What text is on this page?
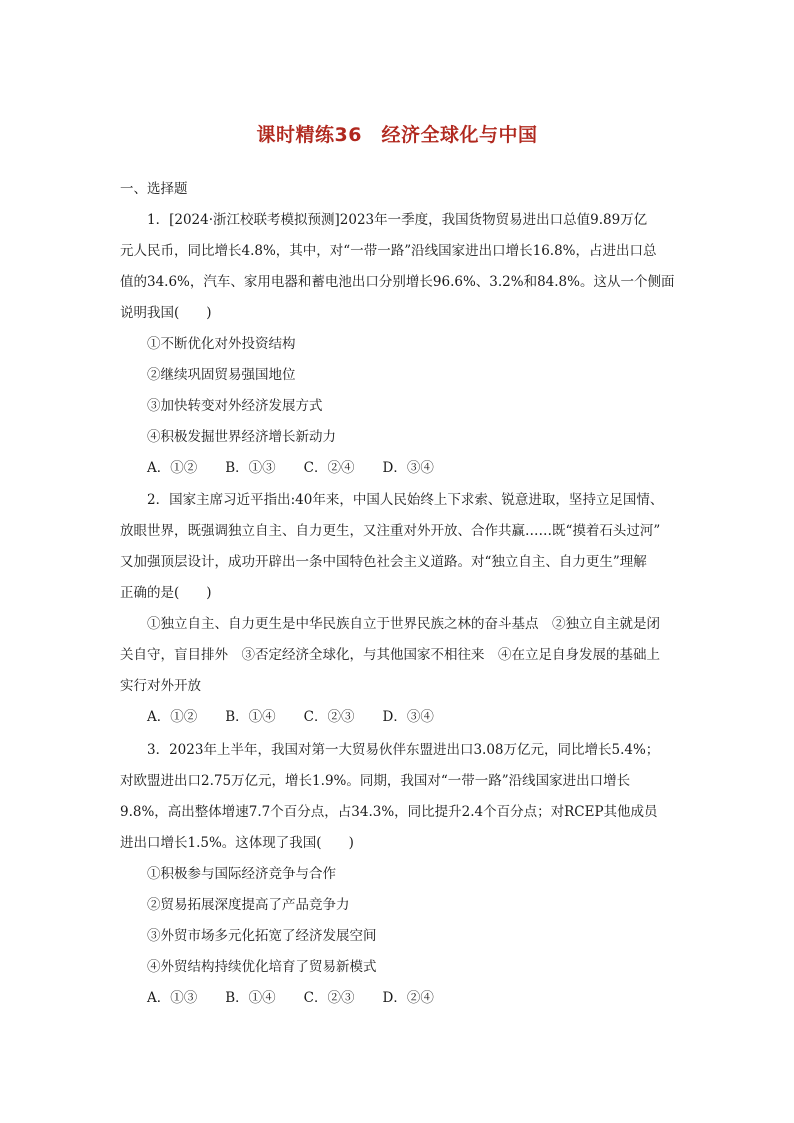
课时精练36　经济全球化与中国
一、选择题
1．[2024·浙江校联考模拟预测]2023年一季度，我国货物贸易进出口总值9.89万亿
元人民币，同比增长4.8%，其中，对“一带一路”沿线国家进出口增长16.8%，占进出口总
值的34.6%，汽车、家用电器和蓄电池出口分别增长96.6%、3.2%和84.8%。这从一个侧面
说明我国(　　)
①不断优化对外投资结构
②继续巩固贸易强国地位
③加快转变对外经济发展方式
④积极发掘世界经济增长新动力
A．①② B．①③ C．②④ D．③④
2．国家主席习近平指出:40年来，中国人民始终上下求索、锐意进取，坚持立足国情、
放眼世界，既强调独立自主、自力更生，又注重对外开放、合作共赢……既“摸着石头过河”
又加强顶层设计，成功开辟出一条中国特色社会主义道路。对“独立自主、自力更生”理解
正确的是(　　)
①独立自主、自力更生是中华民族自立于世界民族之林的奋斗基点　②独立自主就是闭
关自守，盲目排外　③否定经济全球化，与其他国家不相往来　④在立足自身发展的基础上
实行对外开放
A．①② B．①④ C．②③ D．③④
3．2023年上半年，我国对第一大贸易伙伴东盟进出口3.08万亿元，同比增长5.4%；
对欧盟进出口2.75万亿元，增长1.9%。同期，我国对“一带一路”沿线国家进出口增长
9.8%，高出整体增速7.7个百分点，占34.3%，同比提升2.4个百分点；对RCEP其他成员
进出口增长1.5%。这体现了我国(　　)
①积极参与国际经济竞争与合作
②贸易拓展深度提高了产品竞争力
③外贸市场多元化拓宽了经济发展空间
④外贸结构持续优化培育了贸易新模式
A．①③ B．①④ C．②③ D．②④
